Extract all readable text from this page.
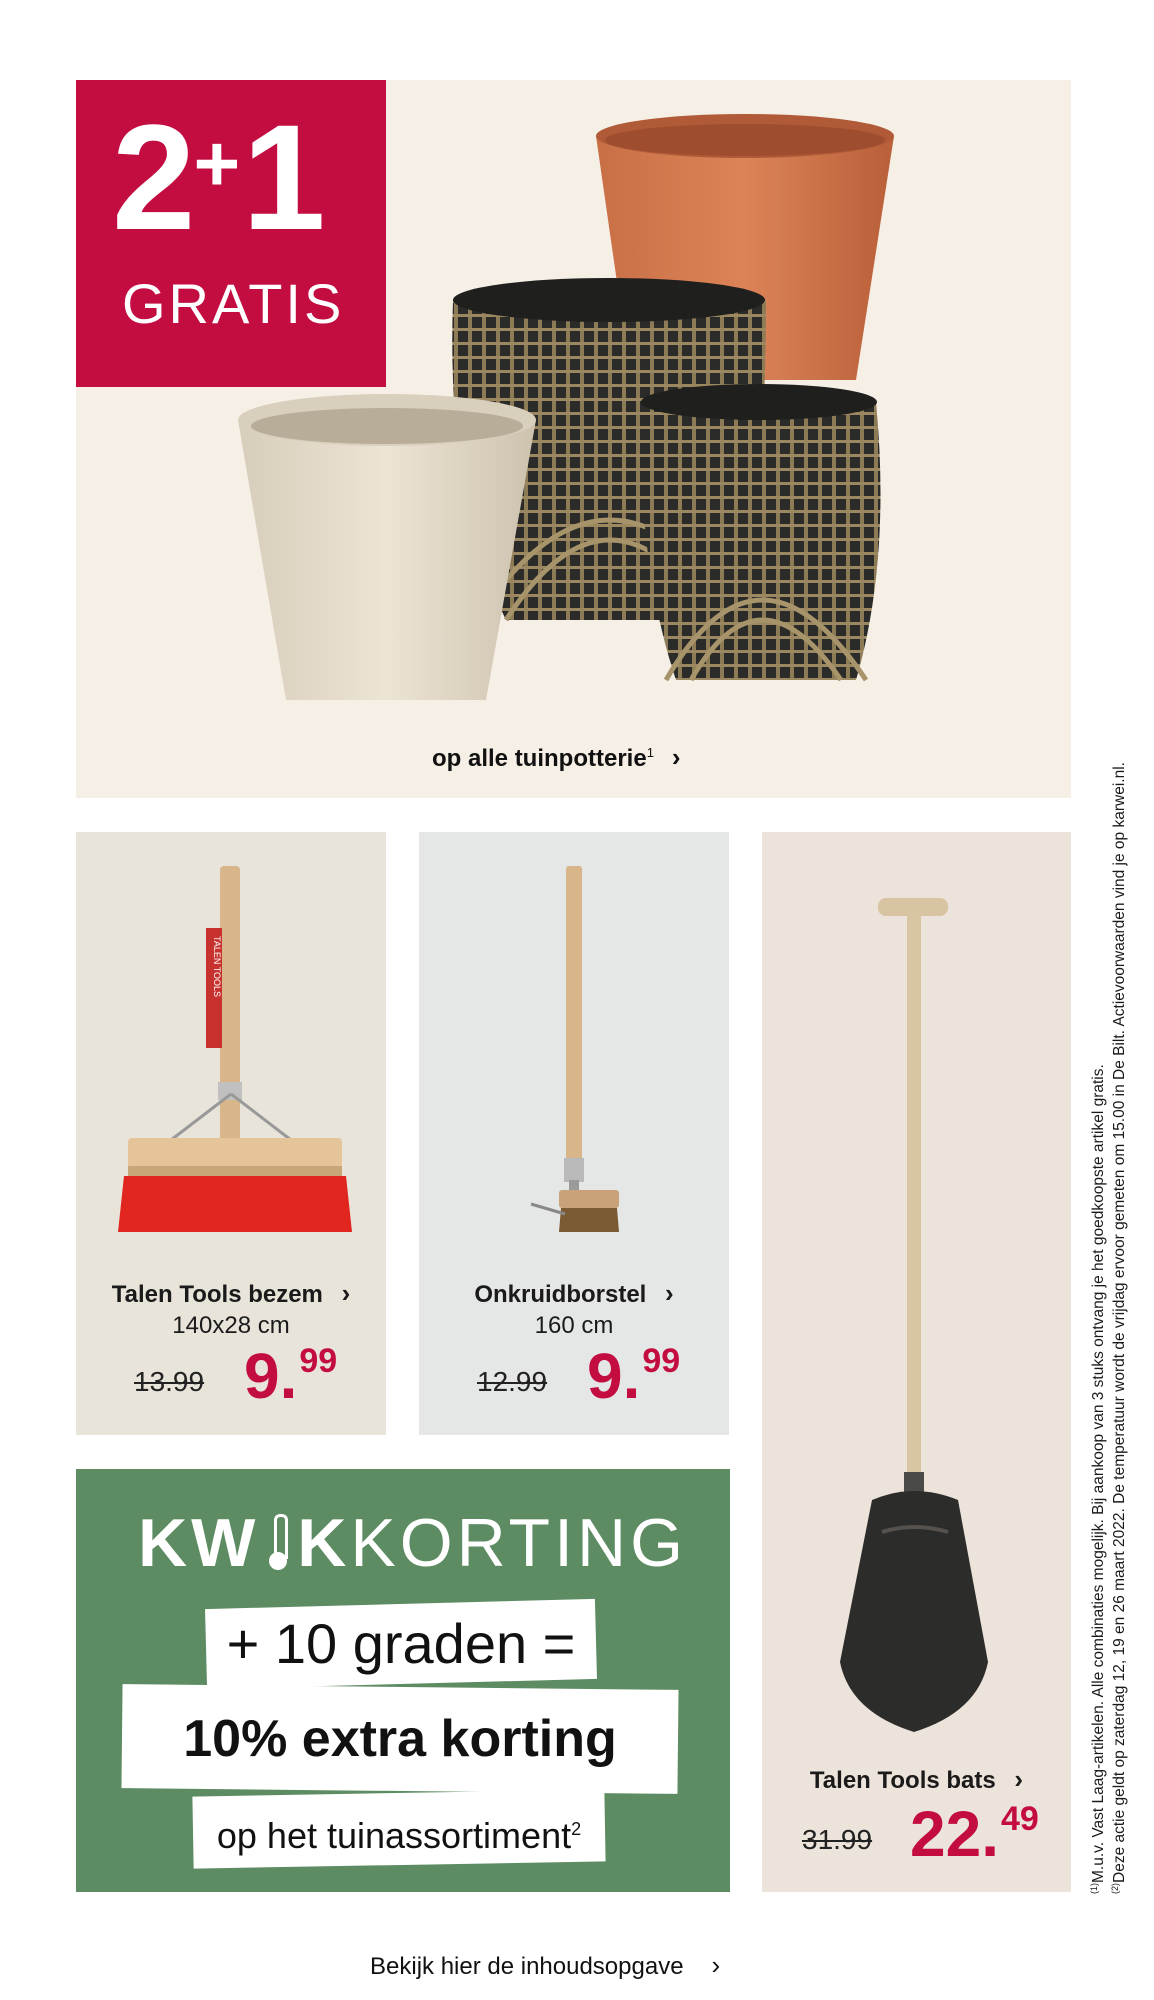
2+1
GRATIS
op alle tuinpotterie$^1$ ›
TALEN TOOLS
Talen Tools bezem ›
140x28 cm
13.99 9.99
Onkruidborstel ›
160 cm
12.99 9.99
Talen Tools bats ›
31.99 22.49
KW KKORTING
+ 10 graden =
10% extra korting
op het tuinassortiment$^2$
Bekijk hier de inhoudsopgave ›
$^{(1)}$M.u.v. Vast Laag-artikelen. Alle combinaties mogelijk. Bij aankoop van 3 stuks ontvang je het goedkoopste artikel gratis.
$^{(2)}$Deze actie geldt op zaterdag 12, 19 en 26 maart 2022. De temperatuur wordt de vrijdag ervoor gemeten om 15.00 in De Bilt. Actievoorwaarden vind je op karwei.nl.
